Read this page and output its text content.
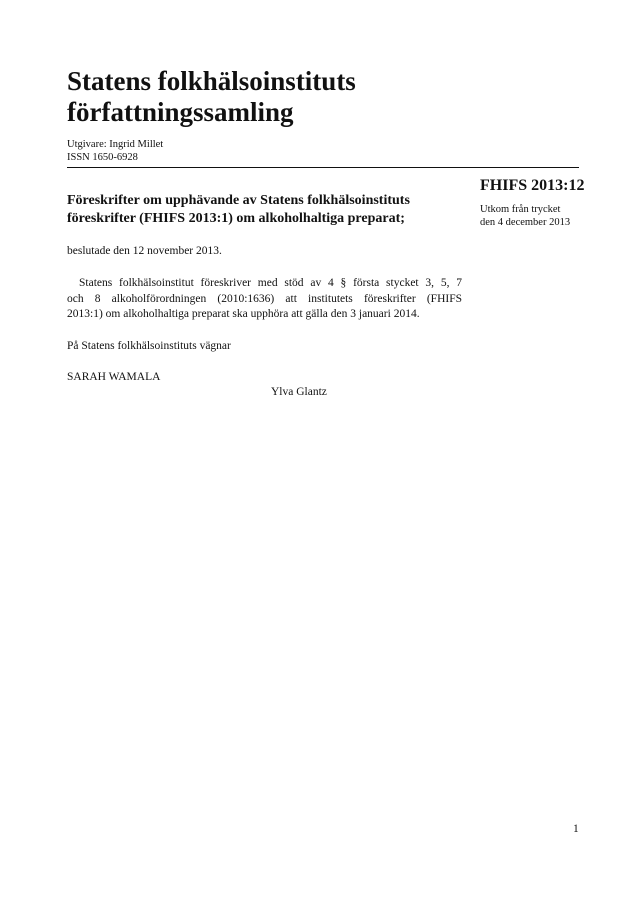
Statens folkhälsoinstituts
författningssamling
Utgivare: Ingrid Millet
ISSN 1650-6928
FHIFS 2013:12
Utkom från trycket
den 4 december 2013
Föreskrifter om upphävande av Statens folkhälsoinstituts
föreskrifter (FHIFS 2013:1) om alkoholhaltiga preparat;
beslutade den 12 november 2013.
Statens folkhälsoinstitut föreskriver med stöd av 4 § första stycket 3, 5, 7
och 8 alkoholförordningen (2010:1636) att institutets föreskrifter (FHIFS
2013:1) om alkoholhaltiga preparat ska upphöra att gälla den 3 januari 2014.
På Statens folkhälsoinstituts vägnar
SARAH WAMALA
Ylva Glantz
1
